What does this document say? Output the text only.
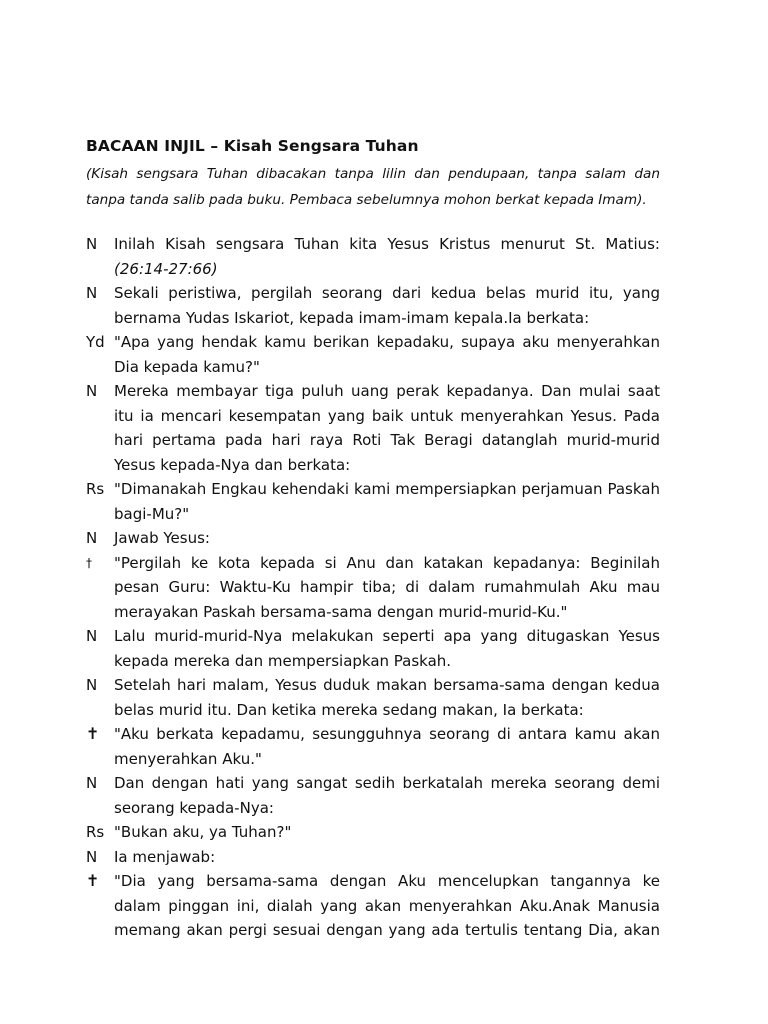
BACAAN INJIL – Kisah Sengsara Tuhan
(Kisah sengsara Tuhan dibacakan tanpa lilin dan pendupaan, tanpa salam dan tanpa tanda salib pada buku. Pembaca sebelumnya mohon berkat kepada Imam).
N	Inilah Kisah sengsara Tuhan kita Yesus Kristus menurut St. Matius:
(26:14-27:66)
N	Sekali peristiwa, pergilah seorang dari kedua belas murid itu, yang bernama Yudas Iskariot, kepada imam-imam kepala.Ia berkata:
Yd "Apa yang hendak kamu berikan kepadaku, supaya aku menyerahkan Dia kepada kamu?"
N	Mereka membayar tiga puluh uang perak kepadanya. Dan mulai saat itu ia mencari kesempatan yang baik untuk menyerahkan Yesus. Pada hari pertama pada hari raya Roti Tak Beragi datanglah murid-murid Yesus kepada-Nya dan berkata:
Rs "Dimanakah Engkau kehendaki kami mempersiapkan perjamuan Paskah bagi-Mu?"
N	Jawab Yesus:
†	"Pergilah ke kota kepada si Anu dan katakan kepadanya: Beginilah pesan Guru: Waktu-Ku hampir tiba; di dalam rumahmulah Aku mau merayakan Paskah bersama-sama dengan murid-murid-Ku."
N	Lalu murid-murid-Nya melakukan seperti apa yang ditugaskan Yesus kepada mereka dan mempersiapkan Paskah.
N	Setelah hari malam, Yesus duduk makan bersama-sama dengan kedua belas murid itu. Dan ketika mereka sedang makan, Ia berkata:
✝ "Aku berkata kepadamu, sesungguhnya seorang di antara kamu akan menyerahkan Aku."
N	Dan dengan hati yang sangat sedih berkatalah mereka seorang demi seorang kepada-Nya:
Rs "Bukan aku, ya Tuhan?"
N	Ia menjawab:
✝ "Dia yang bersama-sama dengan Aku mencelupkan tangannya ke dalam pinggan ini, dialah yang akan menyerahkan Aku.Anak Manusia memang akan pergi sesuai dengan yang ada tertulis tentang Dia, akan
